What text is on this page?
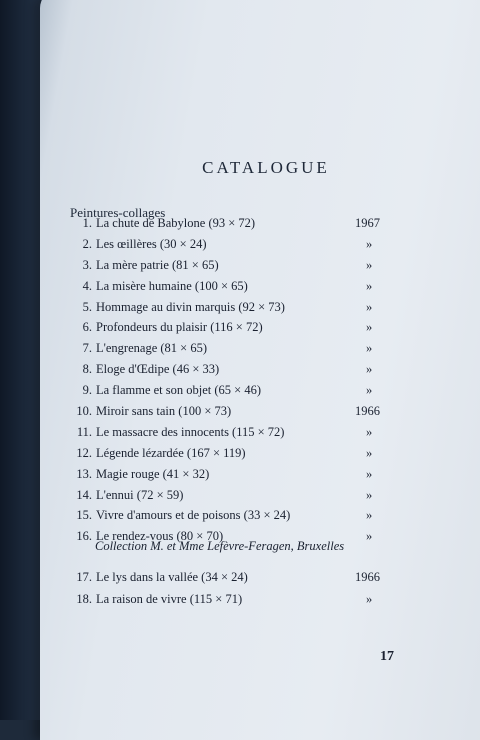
CATALOGUE
Peintures-collages
1. La chute de Babylone (93 × 72)	1967
2. Les œillères (30 × 24)	»
3. La mère patrie (81 × 65)	»
4. La misère humaine (100 × 65)	»
5. Hommage au divin marquis (92 × 73)	»
6. Profondeurs du plaisir (116 × 72)	»
7. L'engrenage (81 × 65)	»
8. Eloge d'Œdipe (46 × 33)	»
9. La flamme et son objet (65 × 46)	»
10. Miroir sans tain (100 × 73)	1966
11. Le massacre des innocents (115 × 72)	»
12. Légende lézardée (167 × 119)	»
13. Magie rouge (41 × 32)	»
14. L'ennui (72 × 59)	»
15. Vivre d'amours et de poisons (33 × 24)	»
16. Le rendez-vous (80 × 70)	»
Collection M. et Mme Lefèvre-Feragen, Bruxelles
17. Le lys dans la vallée (34 × 24)	1966
18. La raison de vivre (115 × 71)	»
17
